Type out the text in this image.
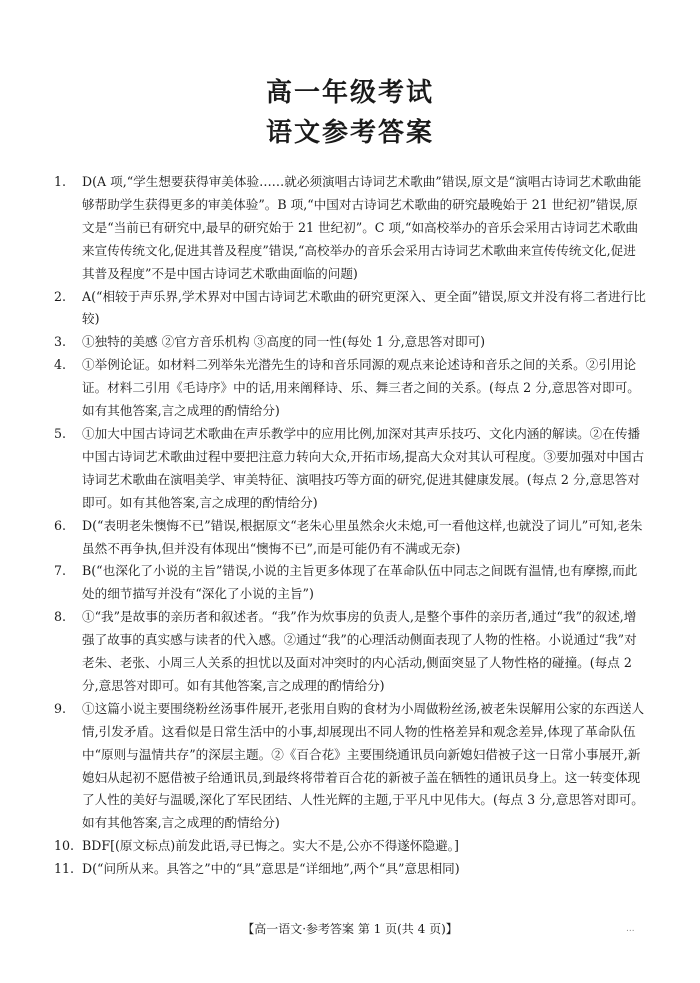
高一年级考试
语文参考答案
1.	D(A 项,“学生想要获得审美体验……就必须演唱古诗词艺术歌曲”错误,原文是“演唱古诗词艺术歌曲能够帮助学生获得更多的审美体验”。B 项,“中国对古诗词艺术歌曲的研究最晚始于 21 世纪初”错误,原文是“当前已有研究中,最早的研究始于 21 世纪初”。C 项,“如高校举办的音乐会采用古诗词艺术歌曲来宣传传统文化,促进其普及程度”错误,“高校举办的音乐会采用古诗词艺术歌曲来宣传传统文化,促进其普及程度”不是中国古诗词艺术歌曲面临的问题)
2.	A(“相较于声乐界,学术界对中国古诗词艺术歌曲的研究更深入、更全面”错误,原文并没有将二者进行比较)
3.	①独特的美感 ②官方音乐机构 ③高度的同一性(每处 1 分,意思答对即可)
4.	①举例论证。如材料二列举朱光潜先生的诗和音乐同源的观点来论述诗和音乐之间的关系。②引用论证。材料二引用《毛诗序》中的话,用来阐释诗、乐、舞三者之间的关系。(每点 2 分,意思答对即可。如有其他答案,言之成理的酌情给分)
5.	①加大中国古诗词艺术歌曲在声乐教学中的应用比例,加深对其声乐技巧、文化内涵的解读。②在传播中国古诗词艺术歌曲过程中要把注意力转向大众,开拓市场,提高大众对其认可程度。③要加强对中国古诗词艺术歌曲在演唱美学、审美特征、演唱技巧等方面的研究,促进其健康发展。(每点 2 分,意思答对即可。如有其他答案,言之成理的酌情给分)
6.	D(“表明老朱懊悔不已”错误,根据原文“老朱心里虽然余火未熄,可一看他这样,也就没了词儿”可知,老朱虽然不再争执,但并没有体现出“懊悔不已”,而是可能仍有不满或无奈)
7.	B(“也深化了小说的主旨”错误,小说的主旨更多体现了在革命队伍中同志之间既有温情,也有摩擦,而此处的细节描写并没有“深化了小说的主旨”)
8.	①“我”是故事的亲历者和叙述者。“我”作为炊事房的负责人,是整个事件的亲历者,通过“我”的叙述,增强了故事的真实感与读者的代入感。②通过“我”的心理活动侧面表现了人物的性格。小说通过“我”对老朱、老张、小周三人关系的担忧以及面对冲突时的内心活动,侧面突显了人物性格的碰撞。(每点 2 分,意思答对即可。如有其他答案,言之成理的酌情给分)
9.	①这篇小说主要围绕粉丝汤事件展开,老张用自购的食材为小周做粉丝汤,被老朱误解用公家的东西送人情,引发矛盾。这看似是日常生活中的小事,却展现出不同人物的性格差异和观念差异,体现了革命队伍中“原则与温情共存”的深层主题。②《百合花》主要围绕通讯员向新媳妇借被子这一日常小事展开,新媳妇从起初不愿借被子给通讯员,到最终将带着百合花的新被子盖在牺牲的通讯员身上。这一转变体现了人性的美好与温暖,深化了军民团结、人性光辉的主题,于平凡中见伟大。(每点 3 分,意思答对即可。如有其他答案,言之成理的酌情给分)
10. BDF[(原文标点)前发此语,寻已悔之。实大不是,公亦不得遂怀隐避。]
11. D(“问所从来。具答之”中的“具”意思是“详细地”,两个“具”意思相同)
【高一语文·参考答案 第 1 页(共 4 页)】	...
